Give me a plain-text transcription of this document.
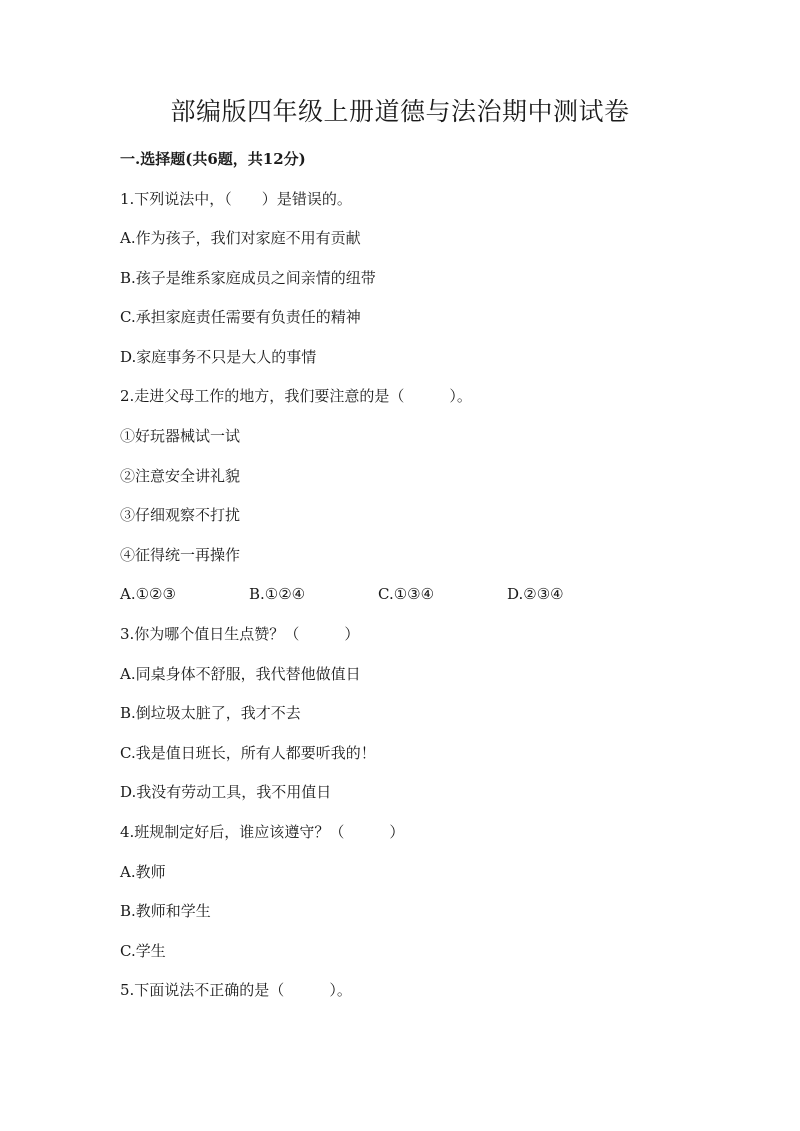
部编版四年级上册道德与法治期中测试卷
一.选择题(共6题，共12分)
1.下列说法中，（　　）是错误的。
A.作为孩子，我们对家庭不用有贡献
B.孩子是维系家庭成员之间亲情的纽带
C.承担家庭责任需要有负责任的精神
D.家庭事务不只是大人的事情
2.走进父母工作的地方，我们要注意的是（　　　）。
①好玩器械试一试
②注意安全讲礼貌
③仔细观察不打扰
④征得统一再操作
A.①②③	B.①②④	C.①③④	D.②③④
3.你为哪个值日生点赞？（　　　）
A.同桌身体不舒服，我代替他做值日
B.倒垃圾太脏了，我才不去
C.我是值日班长，所有人都要听我的！
D.我没有劳动工具，我不用值日
4.班规制定好后，谁应该遵守？（　　　）
A.教师
B.教师和学生
C.学生
5.下面说法不正确的是（　　　）。
